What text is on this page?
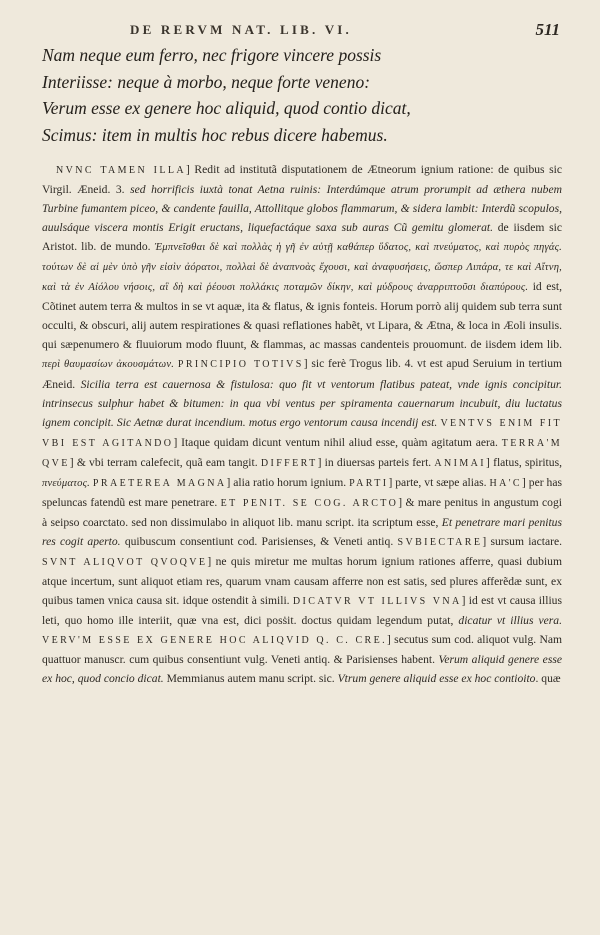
DE RERVM NAT. LIB. VI.	511
Nam neque eum ferro, nec frigore vincere possis
Interiisse: neque à morbo, neque forte veneno:
Verum esse ex genere hoc aliquid, quod contio dicat,
Scimus: item in multis hoc rebus dicere habemus.

NVNC TAMEN ILLA] Redit ad institutã disputationem de Ætneorum ignium ratione: de quibus sic Virgil. Æneid. 3. sed horrificis iuxtà tonat Aetna ruinis: Interdúmque atrum prorumpit ad æthera nubem Turbine fumantem piceo, & candente fauilla, Attollitque globos flammarum, & sidera lambit: Interdũ scopulos, auulsáque viscera montis Erigit eructans, liquefactáque saxa sub auras Cũ gemitu glomerat. de iisdem sic Aristot. lib. de mundo. Ἐμπνεῖσθαι δὲ καὶ πολλὰς ἡ γῆ ἐν αὐτῇ καθάπερ ὕδατος, καὶ πνεύματος, καὶ πυρὸς πηγάς. τούτων δὲ αἱ μὲν ὑπὸ γῆν εἰσὶν ἀόρατοι, πολλαὶ δὲ ἀναπνοὰς ἔχουσι, καὶ ἀναφυσήσεις, ὥσπερ Λιπάρα, τε καὶ Αἴτνη, καὶ τὰ ἐν Αἰόλου νήσοις, αἳ δὴ καὶ ῥέουσι πολλάκις ποταμῶν δίκην, καὶ μύδρους ἀναρριπτοῦσι διαπύρους. id est, Cõtinet autem terra & multos in se vt aquæ, ita & flatus, & ignis fonteis. Horum porrò alij quidem sub terra sunt occulti, & obscuri, alij autem respirationes & quasi reflationes habẽt, vt Lipara, & Ætna, & loca in Æoli insulis. qui sæpenumero & fluuiorum modo fluunt, & flammas, ac massas candenteis prouomunt. de iisdem idem lib. περὶ θαυμασίων ἀκουσμάτων. PRINCIPIO TOTIVS] sic ferè Trogus lib. 4. vt est apud Seruium in tertium Æneid. Sicilia terra est cauernosa & fistulosa: quo fit vt ventorum flatibus pateat, vnde ignis concipitur. intrinsecus sulphur habet & bitumen: in qua vbi ventus per spiramenta cauernarum incubuit, diu luctatus ignem concipit. Sic Aetnæ durat incendium. motus ergo ventorum causa incendij est. VENTVS ENIM FIT VBI EST AGITANDO] Itaque quidam dicunt ventum nihil aliud esse, quàm agitatum aera. TERRA'M QVE] & vbi terram calefecit, quã eam tangit. DIFFERT] in diuersas parteis fert. ANIMAI] flatus, spiritus, πνεύματος. PRAETEREA MAGNA] alia ratio horum ignium. PARTI] parte, vt sæpe alias. HA'C] per has speluncas fatendũ est mare penetrare. ET PENIT. SE COG. ARCTO] & mare penitus in angustum cogi à seipso coarctato. sed non dissimulabo in aliquot lib. manu script. ita scriptum esse, Et penetrare mari penitus res cogit aperto. quibuscum consentiunt cod. Parisienses, & Veneti antiq. SVBIECTARE] sursum iactare. SVNT ALIQVOT QVOQVE] ne quis miretur me multas horum ignium rationes afferre, quasi dubium atque incertum, sunt aliquot etiam res, quarum vnam causam afferre non est satis, sed plures afferẽdæ sunt, ex quibus tamen vnica causa sit. idque ostendit à simili. DICATVR VT ILLIVS VNA] id est vt causa illius leti, quo homo ille interiit, quæ vna est, dici posṡit. doctus quidam legendum putat, dicatur vt illius vera. VERV'M ESSE EX GENERE HOC ALIQVID Q. C. CRE.] secutus sum cod. aliquot vulg. Nam quattuor manuscr. cum quibus consentiunt vulg. Veneti antiq. & Parisienses habent. Verum aliquid genere esse ex hoc, quod concio dicat. Memmianus autem manu script. sic. Vtrum genere aliquid esse ex hoc contioito. quæ
